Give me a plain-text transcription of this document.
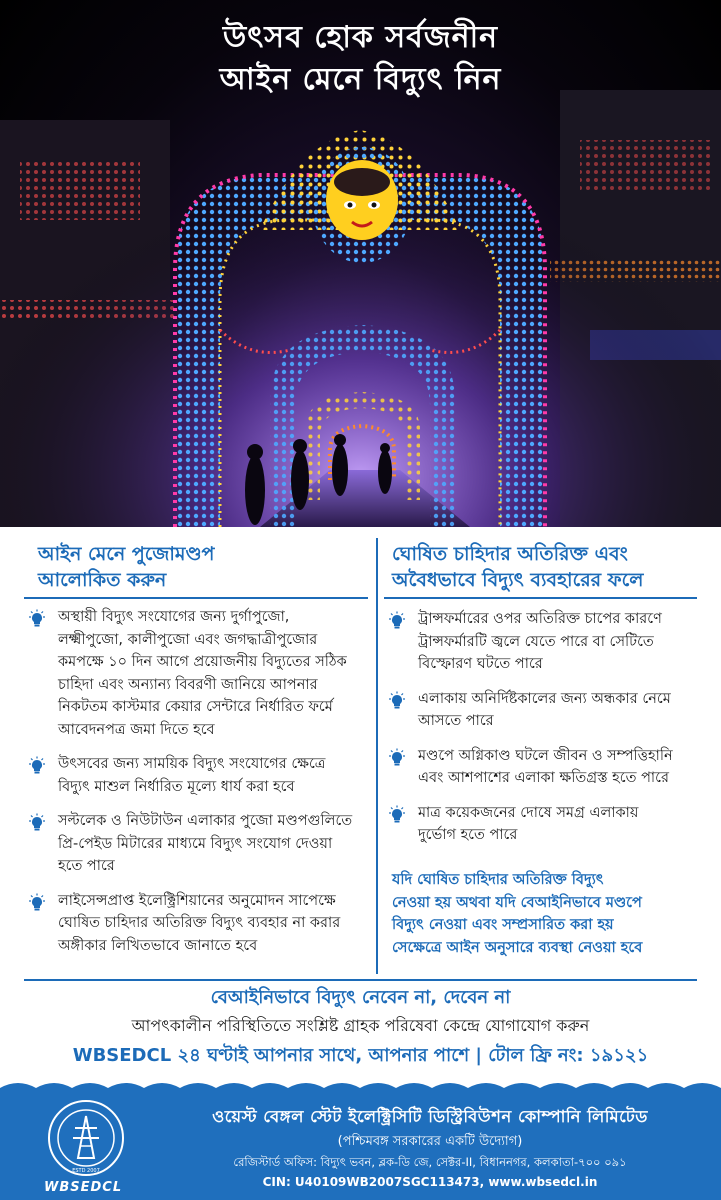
উৎসব হোক সর্বজনীন
আইন মেনে বিদ্যুৎ নিন
আইন মেনে পুজোমণ্ডপ
আলোকিত করুন
অস্থায়ী বিদ্যুৎ সংযোগের জন্য দুর্গাপুজো,
লক্ষ্মীপুজো, কালীপুজো এবং জগদ্ধাত্রীপুজোর
কমপক্ষে ১০ দিন আগে প্রয়োজনীয় বিদ্যুতের সঠিক
চাহিদা এবং অন্যান্য বিবরণী জানিয়ে আপনার
নিকটতম কাস্টমার কেয়ার সেন্টারে নির্ধারিত ফর্মে
আবেদনপত্র জমা দিতে হবে
উৎসবের জন্য সাময়িক বিদ্যুৎ সংযোগের ক্ষেত্রে
বিদ্যুৎ মাশুল নির্ধারিত মূল্যে ধার্য করা হবে
সল্টলেক ও নিউটাউন এলাকার পুজো মণ্ডপগুলিতে
প্রি-পেইড মিটারের মাধ্যমে বিদ্যুৎ সংযোগ দেওয়া
হতে পারে
লাইসেন্সপ্রাপ্ত ইলেক্ট্রিশিয়ানের অনুমোদন সাপেক্ষে
ঘোষিত চাহিদার অতিরিক্ত বিদ্যুৎ ব্যবহার না করার
অঙ্গীকার লিখিতভাবে জানাতে হবে
ঘোষিত চাহিদার অতিরিক্ত এবং
অবৈধভাবে বিদ্যুৎ ব্যবহারের ফলে
ট্রান্সফর্মারের ওপর অতিরিক্ত চাপের কারণে
ট্রান্সফর্মারটি জ্বলে যেতে পারে বা সেটিতে
বিস্ফোরণ ঘটতে পারে
এলাকায় অনির্দিষ্টকালের জন্য অন্ধকার নেমে
আসতে পারে
মণ্ডপে অগ্নিকাণ্ড ঘটলে জীবন ও সম্পত্তিহানি
এবং আশপাশের এলাকা ক্ষতিগ্রস্ত হতে পারে
মাত্র কয়েকজনের দোষে সমগ্র এলাকায়
দুর্ভোগ হতে পারে
যদি ঘোষিত চাহিদার অতিরিক্ত বিদ্যুৎ
নেওয়া হয় অথবা যদি বেআইনিভাবে মণ্ডপে
বিদ্যুৎ নেওয়া এবং সম্প্রসারিত করা হয়
সেক্ষেত্রে আইন অনুসারে ব্যবস্থা নেওয়া হবে
বেআইনিভাবে বিদ্যুৎ নেবেন না, দেবেন না
আপৎকালীন পরিস্থিতিতে সংশ্লিষ্ট গ্রাহক পরিষেবা কেন্দ্রে যোগাযোগ করুন
WBSEDCL ২৪ ঘণ্টাই আপনার সাথে, আপনার পাশে | টোল ফ্রি নং: ১৯১২১
ESTD 2007
WBSEDCL
ওয়েস্ট বেঙ্গল স্টেট ইলেক্ট্রিসিটি ডিস্ট্রিবিউশন কোম্পানি লিমিটেড
(পশ্চিমবঙ্গ সরকারের একটি উদ্যোগ)
রেজিস্টার্ড অফিস: বিদ্যুৎ ভবন, ব্লক-ডি জে, সেক্টর-II, বিধাননগর, কলকাতা-৭০০ ০৯১
CIN: U40109WB2007SGC113473, www.wbsedcl.in
